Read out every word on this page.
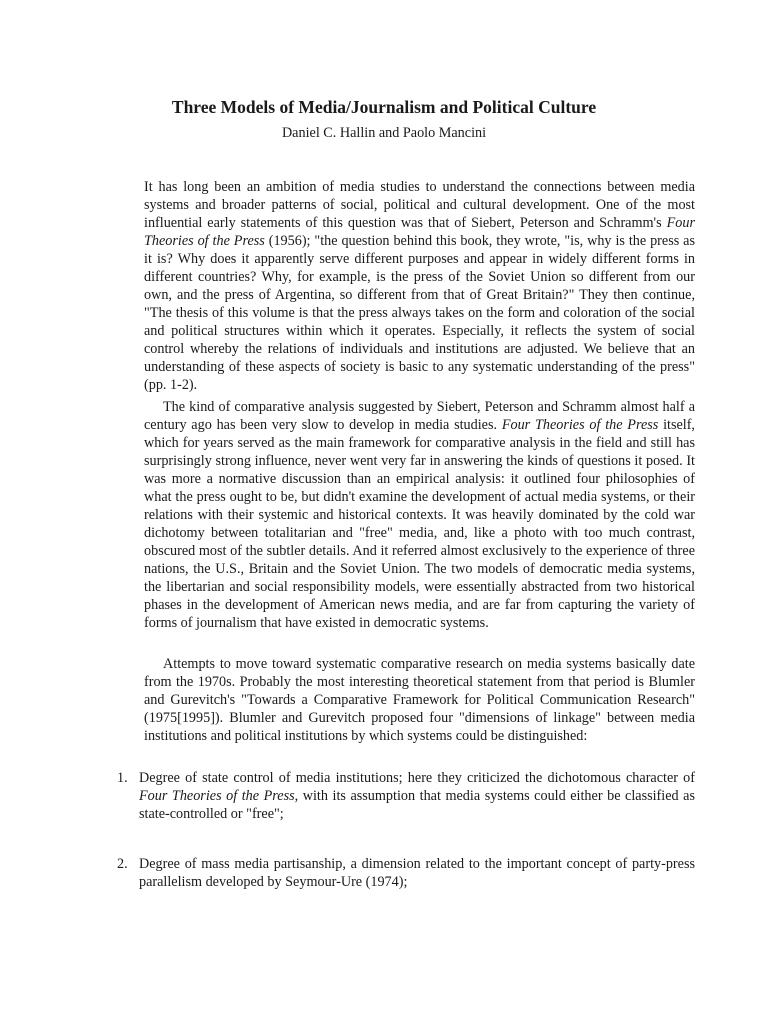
Three Models of Media/Journalism and Political Culture

Daniel C. Hallin and Paolo Mancini

It has long been an ambition of media studies to understand the connections between media systems and broader patterns of social, political and cultural development. One of the most influential early statements of this question was that of Siebert, Peterson and Schramm's Four Theories of the Press (1956); "the question behind this book, they wrote, "is, why is the press as it is? Why does it apparently serve different purposes and appear in widely different forms in different countries? Why, for example, is the press of the Soviet Union so different from our own, and the press of Argentina, so different from that of Great Britain?" They then continue, "The thesis of this volume is that the press always takes on the form and coloration of the social and political structures within which it operates. Especially, it reflects the system of social control whereby the relations of individuals and institutions are adjusted. We believe that an understanding of these aspects of society is basic to any systematic understanding of the press" (pp. 1-2).

The kind of comparative analysis suggested by Siebert, Peterson and Schramm almost half a century ago has been very slow to develop in media studies. Four Theories of the Press itself, which for years served as the main framework for comparative analysis in the field and still has surprisingly strong influence, never went very far in answering the kinds of questions it posed. It was more a normative discussion than an empirical analysis: it outlined four philosophies of what the press ought to be, but didn't examine the development of actual media systems, or their relations with their systemic and historical contexts. It was heavily dominated by the cold war dichotomy between totalitarian and "free" media, and, like a photo with too much contrast, obscured most of the subtler details. And it referred almost exclusively to the experience of three nations, the U.S., Britain and the Soviet Union. The two models of democratic media systems, the libertarian and social responsibility models, were essentially abstracted from two historical phases in the development of American news media, and are far from capturing the variety of forms of journalism that have existed in democratic systems.

Attempts to move toward systematic comparative research on media systems basically date from the 1970s. Probably the most interesting theoretical statement from that period is Blumler and Gurevitch's "Towards a Comparative Framework for Political Communication Research" (1975[1995]). Blumler and Gurevitch proposed four "dimensions of linkage" between media institutions and political institutions by which systems could be distinguished:

1. Degree of state control of media institutions; here they criticized the dichotomous character of Four Theories of the Press, with its assumption that media systems could either be classified as state-controlled or "free";
2. Degree of mass media partisanship, a dimension related to the important concept of party-press parallelism developed by Seymour-Ure (1974);
